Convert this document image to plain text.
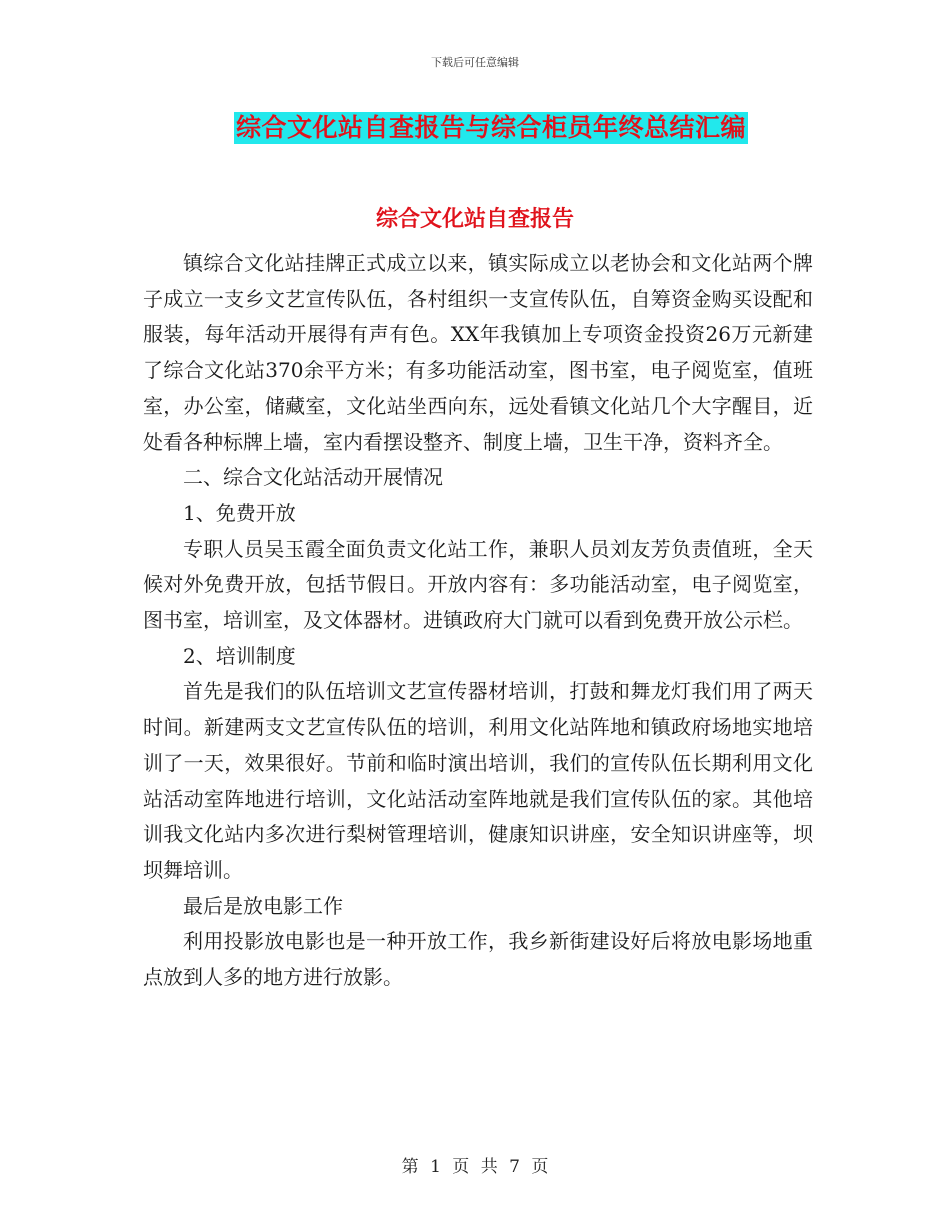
下载后可任意编辑
综合文化站自查报告与综合柜员年终总结汇编
综合文化站自查报告

镇综合文化站挂牌正式成立以来，镇实际成立以老协会和文化站两个牌子成立一支乡文艺宣传队伍，各村组织一支宣传队伍，自筹资金购买设配和服装，每年活动开展得有声有色。XX年我镇加上专项资金投资26万元新建了综合文化站370余平方米；有多功能活动室，图书室，电子阅览室，值班室，办公室，储藏室，文化站坐西向东，远处看镇文化站几个大字醒目，近处看各种标牌上墙，室内看摆设整齐、制度上墙，卫生干净，资料齐全。

二、综合文化站活动开展情况

1、免费开放

专职人员吴玉霞全面负责文化站工作，兼职人员刘友芳负责值班，全天候对外免费开放，包括节假日。开放内容有：多功能活动室，电子阅览室，图书室，培训室，及文体器材。进镇政府大门就可以看到免费开放公示栏。

2、培训制度

首先是我们的队伍培训文艺宣传器材培训，打鼓和舞龙灯我们用了两天时间。新建两支文艺宣传队伍的培训，利用文化站阵地和镇政府场地实地培训了一天，效果很好。节前和临时演出培训，我们的宣传队伍长期利用文化站活动室阵地进行培训，文化站活动室阵地就是我们宣传队伍的家。其他培训我文化站内多次进行梨树管理培训，健康知识讲座，安全知识讲座等，坝坝舞培训。

最后是放电影工作

利用投影放电影也是一种开放工作，我乡新街建设好后将放电影场地重点放到人多的地方进行放影。

第 1 页 共 7 页
